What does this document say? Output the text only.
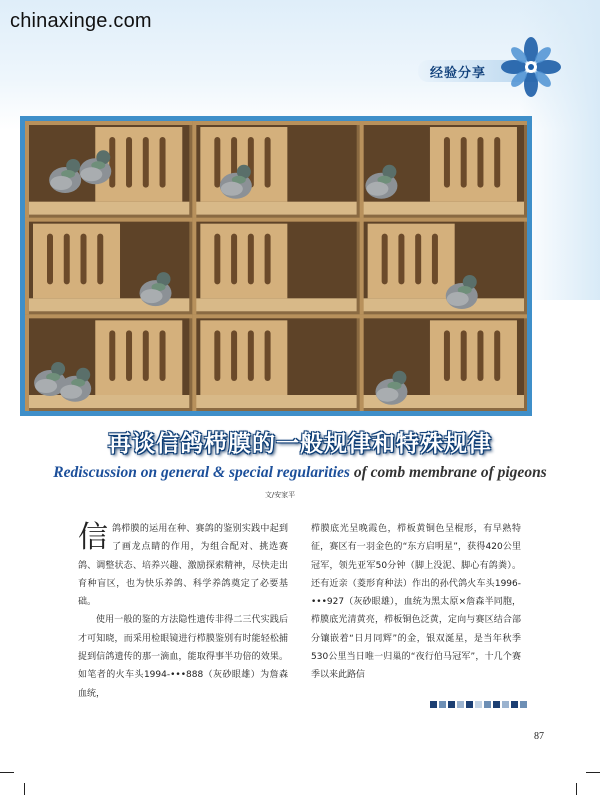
chinaxinge.com
经验分享
再谈信鸽栉膜的一般规律和特殊规律
Rediscussion on general & special regularities of comb membrane of pigeons
文/安家平

信鸽栉膜的运用在种、赛鸽的鉴别实践中起到了画龙点睛的作用，为组合配对、挑选赛鸽、调整状态、培养兴趣、激励探索精神，尽快走出育种盲区，也为快乐养鸽、科学养鸽奠定了必要基础。

使用一般的鉴的方法隐性遗传非得二三代实践后才可知晓，而采用检眼镜进行栉膜鉴别有时能轻松捕捉到信鸽遗传的那一滴血，能取得事半功倍的效果。如笔者的火车头1994-•••888（灰砂眼雄）为詹森血统，

栉膜底光呈晚霞色，栉板黄铜色呈棍形，有早熟特征，赛区有一羽金色的“东方启明星”，获得420公里冠军，领先亚军50分钟（脚上没泥、脚心有鸽粪）。还有近亲（菱形育种法）作出的孙代鸽火车头1996-•••927（灰砂眼雄），血统为黑太原×詹森半同胞，栉膜底光清黄亮，栉板铜色泛黄，定向与赛区结合部分镶嵌着“日月同辉”的金，银双涎星，是当年秋季530公里当日唯一归巢的“夜行伯马冠军”，十几个赛季以来此路信

87
